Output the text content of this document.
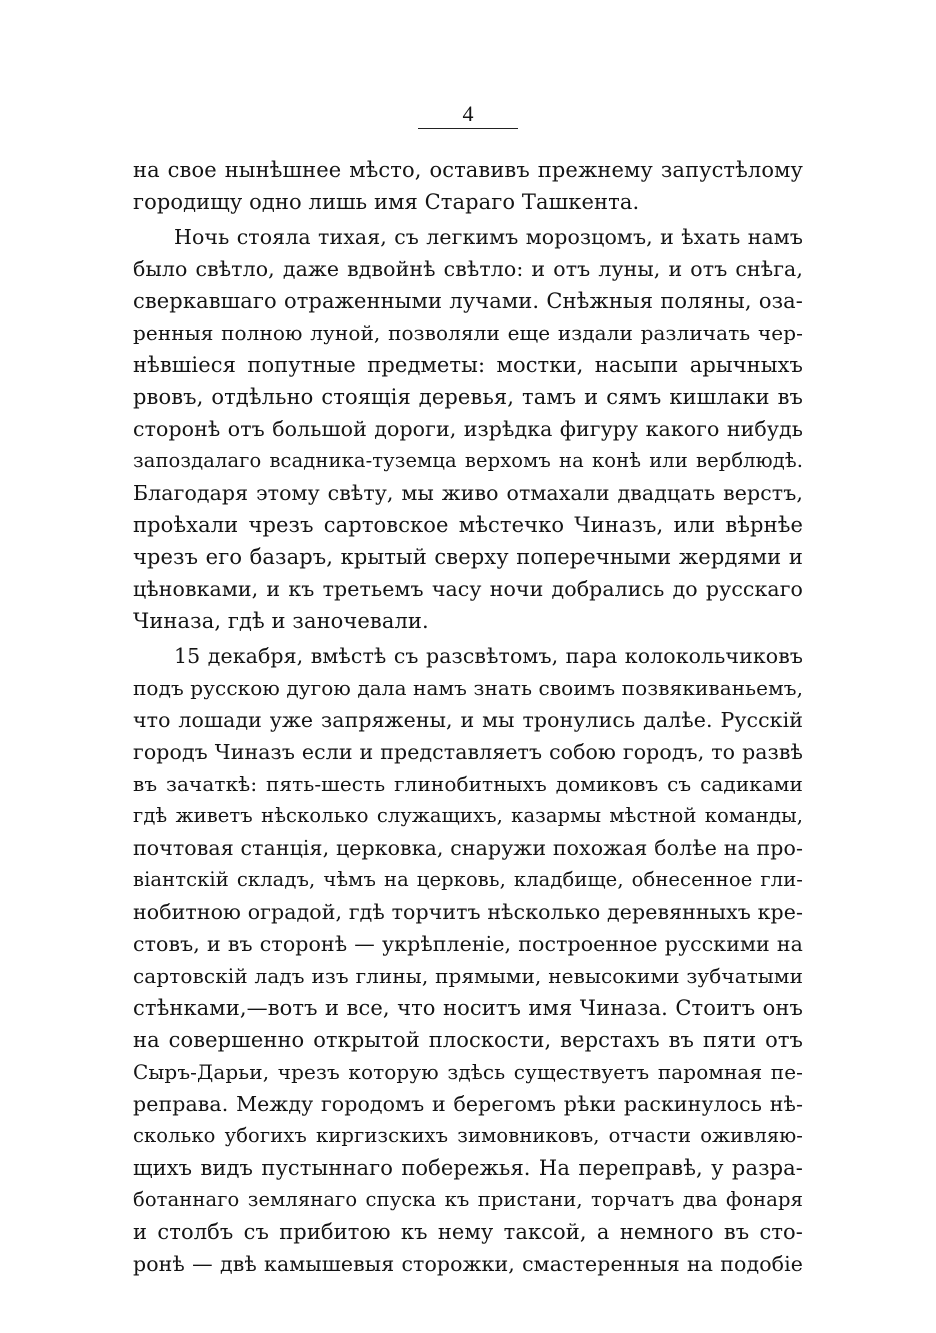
4
на свое нынѣшнее мѣсто, оставивъ прежнему запустѣлому
городищу одно лишь имя Стараго Ташкента.
Ночь стояла тихая, съ легкимъ морозцомъ, и ѣхать намъ
было свѣтло, даже вдвойнѣ свѣтло: и отъ луны, и отъ снѣга,
сверкавшаго отраженными лучами. Снѣжныя поляны, оза-
ренныя полною луной, позволяли еще издали различать чер-
нѣвшіеся попутные предметы: мостки, насыпи арычныхъ
рвовъ, отдѣльно стоящія деревья, тамъ и сямъ кишлаки въ
сторонѣ отъ большой дороги, изрѣдка фигуру какого нибудь
запоздалаго всадника-туземца верхомъ на конѣ или верблюдѣ.
Благодаря этому свѣту, мы живо отмахали двадцать верстъ,
проѣхали чрезъ сартовское мѣстечко Чиназъ, или вѣрнѣе
чрезъ его базаръ, крытый сверху поперечными жердями и
цѣновками, и къ третьемъ часу ночи добрались до русскаго
Чиназа, гдѣ и заночевали.
15 декабря, вмѣстѣ съ разсвѣтомъ, пара колокольчиковъ
подъ русскою дугою дала намъ знать своимъ позвякиваньемъ,
что лошади уже запряжены, и мы тронулись далѣе. Русскій
городъ Чиназъ если и представляетъ собою городъ, то развѣ
въ зачаткѣ: пять-шесть глинобитныхъ домиковъ съ садиками
гдѣ живетъ нѣсколько служащихъ, казармы мѣстной команды,
почтовая станція, церковка, снаружи похожая болѣе на про-
віантскій складъ, чѣмъ на церковь, кладбище, обнесенное гли-
нобитною оградой, гдѣ торчитъ нѣсколько деревянныхъ кре-
стовъ, и въ сторонѣ — укрѣпленіе, построенное русскими на
сартовскій ладъ изъ глины, прямыми, невысокими зубчатыми
стѣнками,—вотъ и все, что носитъ имя Чиназа. Стоитъ онъ
на совершенно открытой плоскости, верстахъ въ пяти отъ
Сыръ-Дарьи, чрезъ которую здѣсь существуетъ паромная пе-
реправа. Между городомъ и берегомъ рѣки раскинулось нѣ-
сколько убогихъ киргизскихъ зимовниковъ, отчасти оживляю-
щихъ видъ пустыннаго побережья. На переправѣ, у разра-
ботаннаго землянаго спуска къ пристани, торчатъ два фонаря
и столбъ съ прибитою къ нему таксой, а немного въ сто-
ронѣ — двѣ камышевыя сторожки, смастеренныя на подобіе
